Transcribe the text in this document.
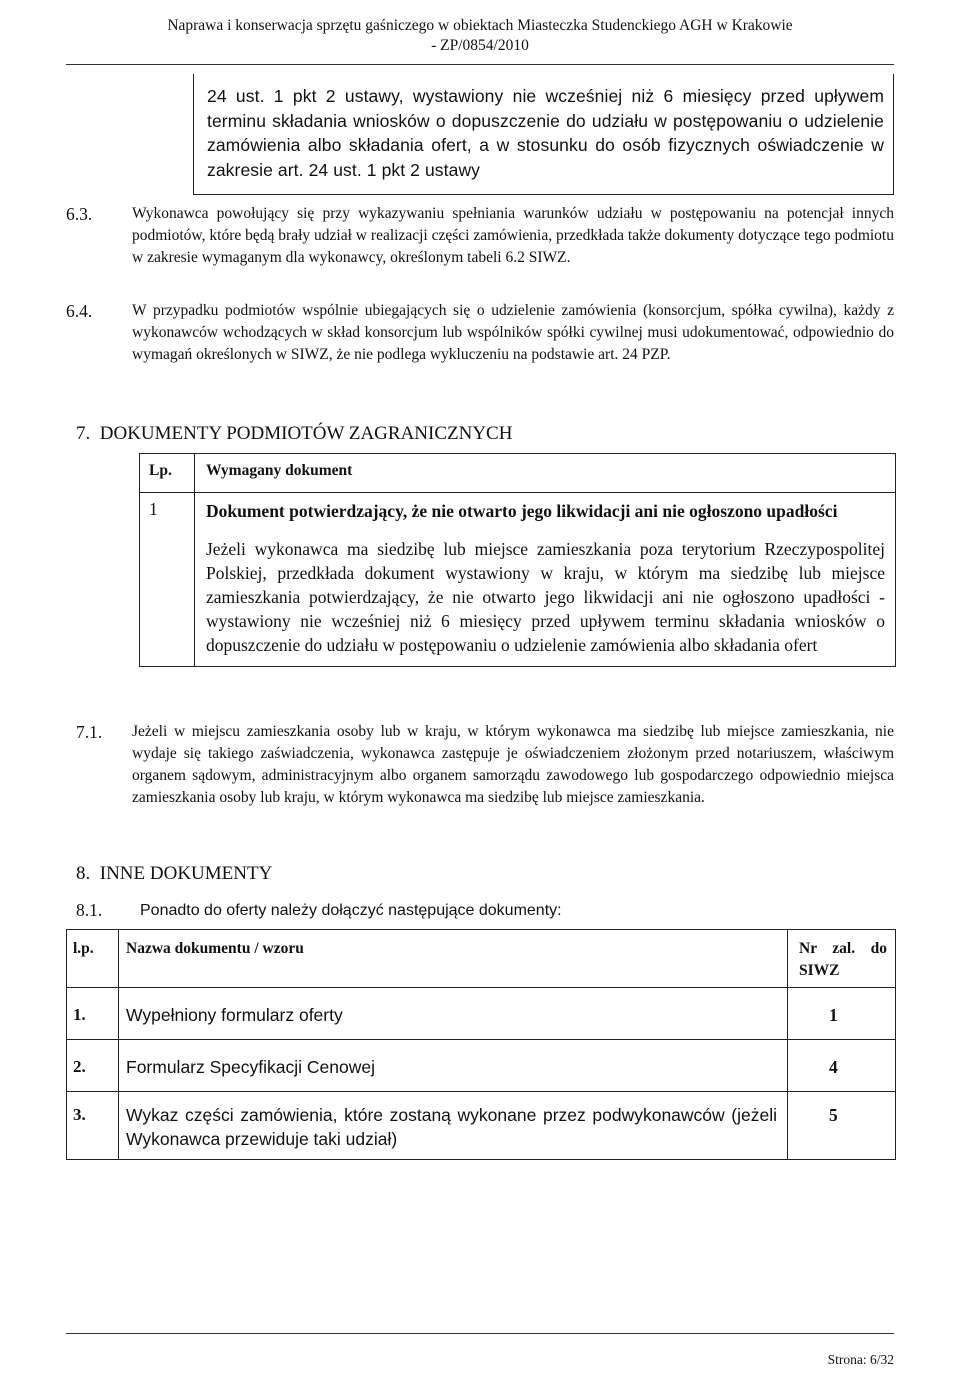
Naprawa i konserwacja sprzętu gaśniczego w obiektach Miasteczka Studenckiego AGH w Krakowie
- ZP/0854/2010
24 ust. 1 pkt 2 ustawy, wystawiony nie wcześniej niż 6 miesięcy przed upływem terminu składania wniosków o dopuszczenie do udziału w postępowaniu o udzielenie zamówienia albo składania ofert, a w stosunku do osób fizycznych oświadczenie w zakresie art. 24 ust. 1 pkt 2 ustawy
6.3.	Wykonawca powołujący się przy wykazywaniu spełniania warunków udziału w postępowaniu na potencjał innych podmiotów, które będą brały udział w realizacji części zamówienia, przedkłada także dokumenty dotyczące tego podmiotu w zakresie wymaganym dla wykonawcy, określonym tabeli 6.2 SIWZ.
6.4.	W przypadku podmiotów wspólnie ubiegających się o udzielenie zamówienia (konsorcjum, spółka cywilna), każdy z wykonawców wchodzących w skład konsorcjum lub wspólników spółki cywilnej musi udokumentować, odpowiednio do wymagań określonych w SIWZ, że nie podlega wykluczeniu na podstawie art. 24 PZP.
7. DOKUMENTY PODMIOTÓW ZAGRANICZNYCH
Lp.	Wymagany dokument
1	Dokument potwierdzający, że nie otwarto jego likwidacji ani nie ogłoszono upadłości
Jeżeli wykonawca ma siedzibę lub miejsce zamieszkania poza terytorium Rzeczypospolitej Polskiej, przedkłada dokument wystawiony w kraju, w którym ma siedzibę lub miejsce zamieszkania potwierdzający, że nie otwarto jego likwidacji ani nie ogłoszono upadłości - wystawiony nie wcześniej niż 6 miesięcy przed upływem terminu składania wniosków o dopuszczenie do udziału w postępowaniu o udzielenie zamówienia albo składania ofert
7.1. Jeżeli w miejscu zamieszkania osoby lub w kraju, w którym wykonawca ma siedzibę lub miejsce zamieszkania, nie wydaje się takiego zaświadczenia, wykonawca zastępuje je oświadczeniem złożonym przed notariuszem, właściwym organem sądowym, administracyjnym albo organem samorządu zawodowego lub gospodarczego odpowiednio miejsca zamieszkania osoby lub kraju, w którym wykonawca ma siedzibę lub miejsce zamieszkania.
8. INNE DOKUMENTY
8.1. Ponadto do oferty należy dołączyć następujące dokumenty:
l.p.	Nazwa dokumentu / wzoru	Nr zal. do SIWZ
1.	Wypełniony formularz oferty	1
2.	Formularz Specyfikacji Cenowej	4
3.	Wykaz części zamówienia, które zostaną wykonane przez podwykonawców (jeżeli Wykonawca przewiduje taki udział)	5
Strona: 6/32
